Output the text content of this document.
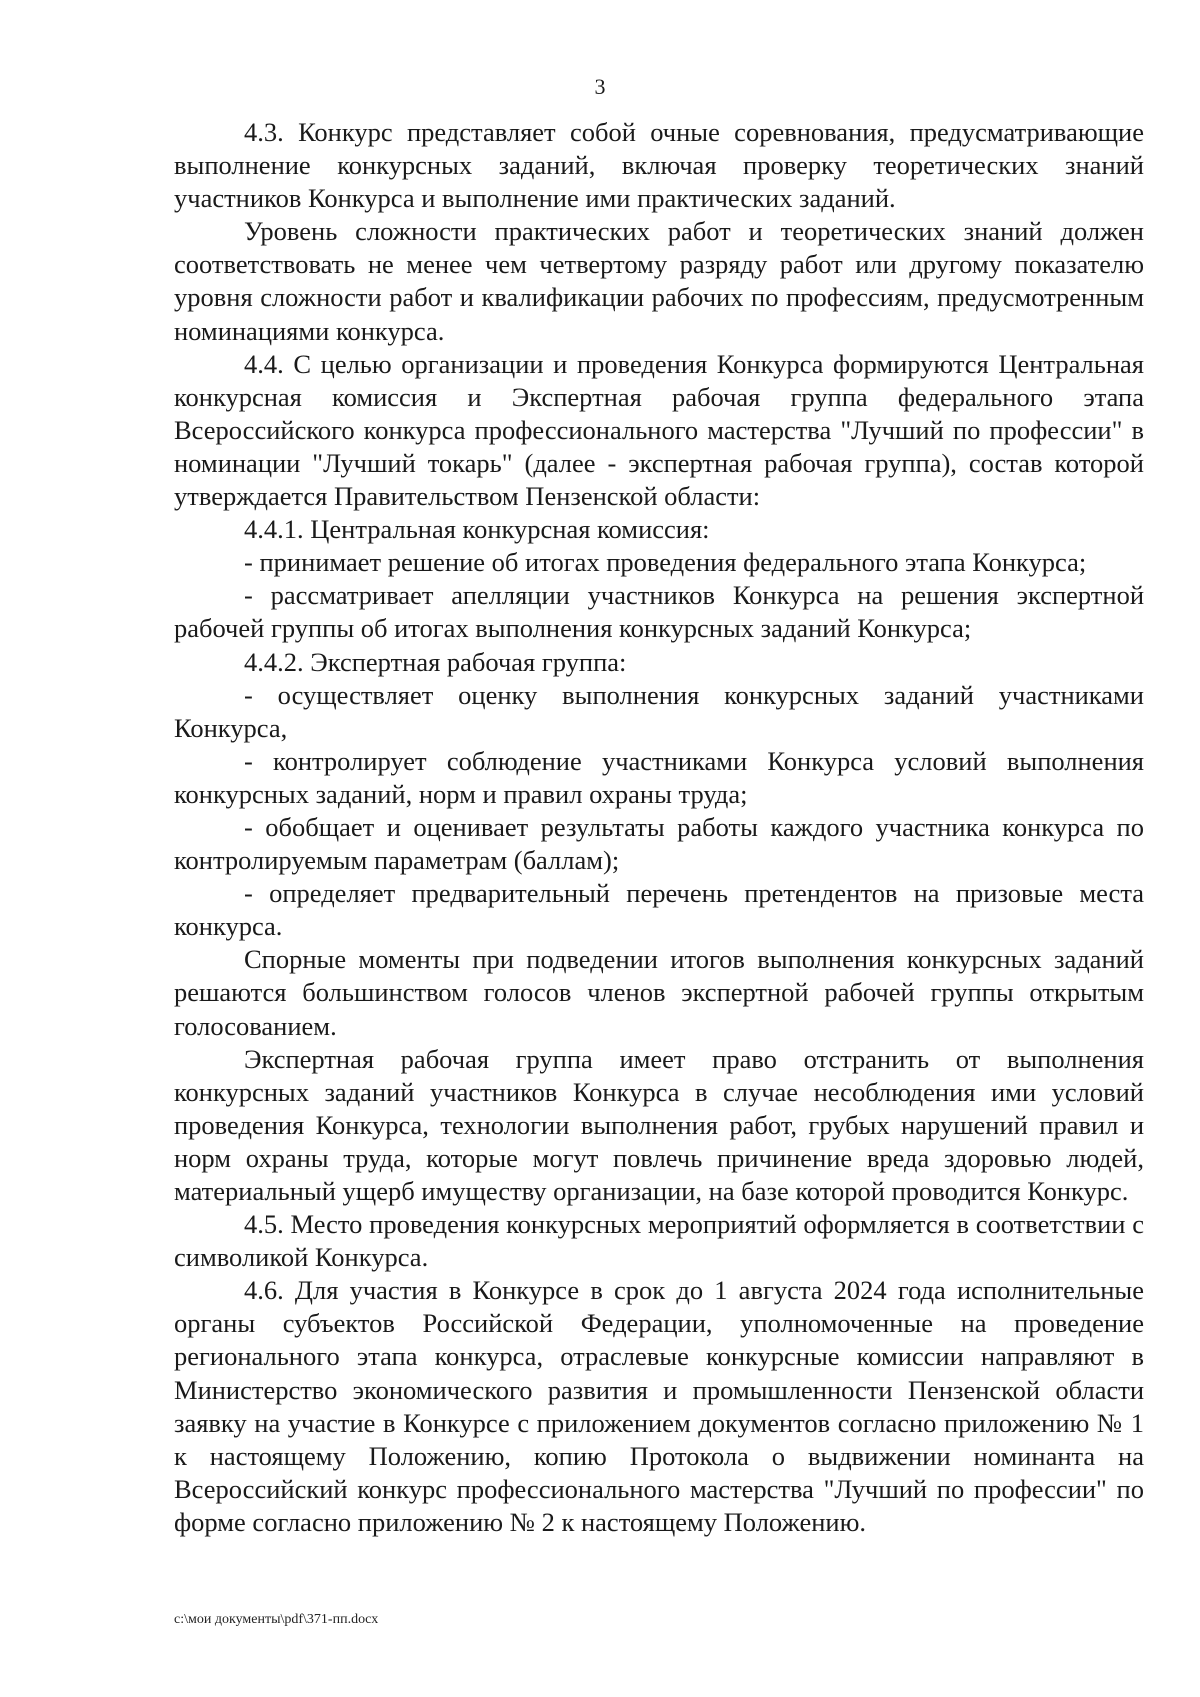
3

4.3. Конкурс представляет собой очные соревнования, предусматривающие выполнение конкурсных заданий, включая проверку теоретических знаний участников Конкурса и выполнение ими практических заданий.

Уровень сложности практических работ и теоретических знаний должен соответствовать не менее чем четвертому разряду работ или другому показателю уровня сложности работ и квалификации рабочих по профессиям, предусмотренным номинациями конкурса.

4.4. С целью организации и проведения Конкурса формируются Центральная конкурсная комиссия и Экспертная рабочая группа федерального этапа Всероссийского конкурса профессионального мастерства "Лучший по профессии" в номинации "Лучший токарь" (далее - экспертная рабочая группа), состав которой утверждается Правительством Пензенской области:

4.4.1. Центральная конкурсная комиссия:

- принимает решение об итогах проведения федерального этапа Конкурса;

- рассматривает апелляции участников Конкурса на решения экспертной рабочей группы об итогах выполнения конкурсных заданий Конкурса;

4.4.2. Экспертная рабочая группа:

- осуществляет оценку выполнения конкурсных заданий участниками Конкурса,

- контролирует соблюдение участниками Конкурса условий выполнения конкурсных заданий, норм и правил охраны труда;

- обобщает и оценивает результаты работы каждого участника конкурса по контролируемым параметрам (баллам);

- определяет предварительный перечень претендентов на призовые места конкурса.

Спорные моменты при подведении итогов выполнения конкурсных заданий решаются большинством голосов членов экспертной рабочей группы открытым голосованием.

Экспертная рабочая группа имеет право отстранить от выполнения конкурсных заданий участников Конкурса в случае несоблюдения ими условий проведения Конкурса, технологии выполнения работ, грубых нарушений правил и норм охраны труда, которые могут повлечь причинение вреда здоровью людей, материальный ущерб имуществу организации, на базе которой проводится Конкурс.

4.5. Место проведения конкурсных мероприятий оформляется в соответствии с символикой Конкурса.

4.6. Для участия в Конкурсе в срок до 1 августа 2024 года исполнительные органы субъектов Российской Федерации, уполномоченные на проведение регионального этапа конкурса, отраслевые конкурсные комиссии направляют в Министерство экономического развития и промышленности Пензенской области заявку на участие в Конкурсе с приложением документов согласно приложению № 1 к настоящему Положению, копию Протокола о выдвижении номинанта на Всероссийский конкурс профессионального мастерства "Лучший по профессии" по форме согласно приложению № 2 к настоящему Положению.

c:\мои документы\pdf\371-пп.docx
